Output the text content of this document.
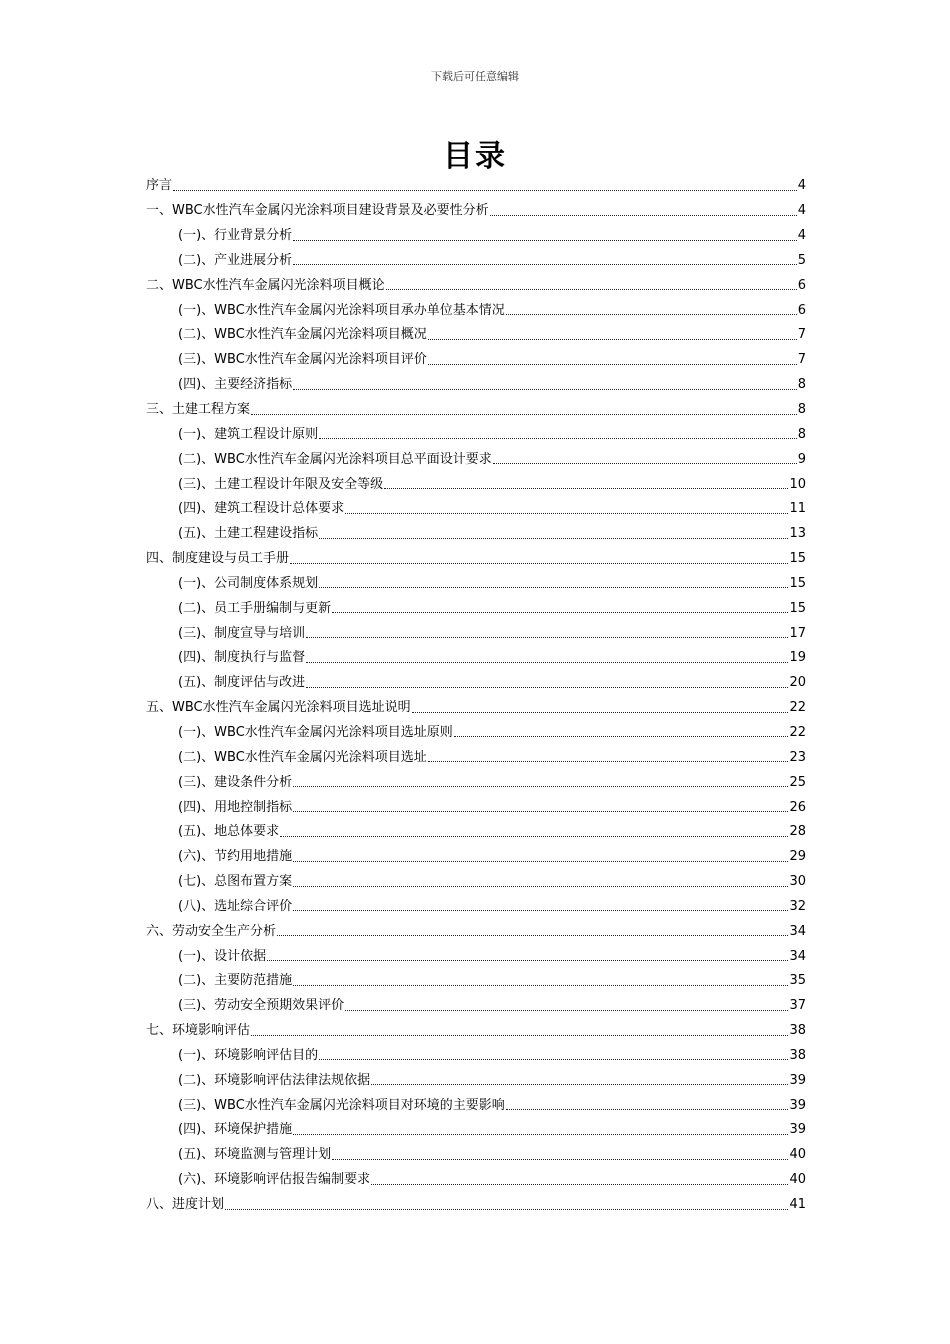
下载后可任意编辑
目录
序言	4
一、WBC水性汽车金属闪光涂料项目建设背景及必要性分析	4
(一)、行业背景分析	4
(二)、产业进展分析	5
二、WBC水性汽车金属闪光涂料项目概论	6
(一)、WBC水性汽车金属闪光涂料项目承办单位基本情况	6
(二)、WBC水性汽车金属闪光涂料项目概况	7
(三)、WBC水性汽车金属闪光涂料项目评价	7
(四)、主要经济指标	8
三、土建工程方案	8
(一)、建筑工程设计原则	8
(二)、WBC水性汽车金属闪光涂料项目总平面设计要求	9
(三)、土建工程设计年限及安全等级	10
(四)、建筑工程设计总体要求	11
(五)、土建工程建设指标	13
四、制度建设与员工手册	15
(一)、公司制度体系规划	15
(二)、员工手册编制与更新	15
(三)、制度宣导与培训	17
(四)、制度执行与监督	19
(五)、制度评估与改进	20
五、WBC水性汽车金属闪光涂料项目选址说明	22
(一)、WBC水性汽车金属闪光涂料项目选址原则	22
(二)、WBC水性汽车金属闪光涂料项目选址	23
(三)、建设条件分析	25
(四)、用地控制指标	26
(五)、地总体要求	28
(六)、节约用地措施	29
(七)、总图布置方案	30
(八)、选址综合评价	32
六、劳动安全生产分析	34
(一)、设计依据	34
(二)、主要防范措施	35
(三)、劳动安全预期效果评价	37
七、环境影响评估	38
(一)、环境影响评估目的	38
(二)、环境影响评估法律法规依据	39
(三)、WBC水性汽车金属闪光涂料项目对环境的主要影响	39
(四)、环境保护措施	39
(五)、环境监测与管理计划	40
(六)、环境影响评估报告编制要求	40
八、进度计划	41
